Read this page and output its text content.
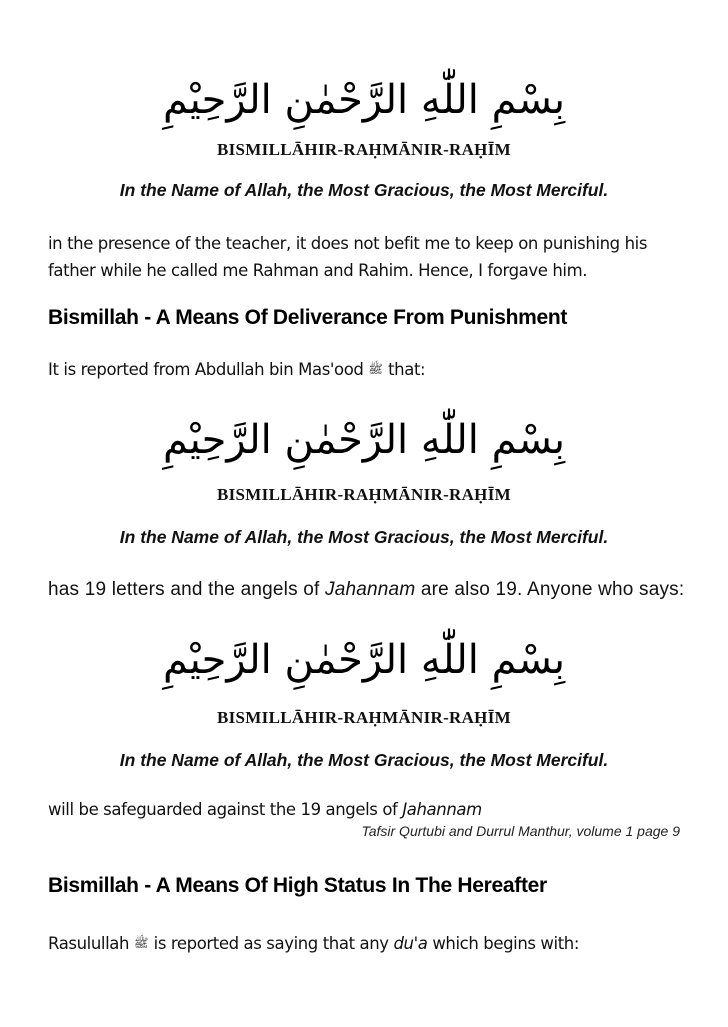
بِسْمِ اللّٰهِ الرَّحْمٰنِ الرَّحِيْمِ
BISMILLĀHIR-RAḤMĀNIR-RAḤĪM
In the Name of Allah, the Most Gracious, the Most Merciful.
in the presence of the teacher, it does not befit me to keep on punishing his father while he called me Rahman and Rahim. Hence, I forgave him.
Bismillah - A Means Of Deliverance From Punishment
It is reported from Abdullah bin Mas'ood ﷺ that:
بِسْمِ اللّٰهِ الرَّحْمٰنِ الرَّحِيْمِ
BISMILLĀHIR-RAḤMĀNIR-RAḤĪM
In the Name of Allah, the Most Gracious, the Most Merciful.
has 19 letters and the angels of Jahannam are also 19. Anyone who says:
بِسْمِ اللّٰهِ الرَّحْمٰنِ الرَّحِيْمِ
BISMILLĀHIR-RAḤMĀNIR-RAḤĪM
In the Name of Allah, the Most Gracious, the Most Merciful.
will be safeguarded against the 19 angels of Jahannam
Tafsir Qurtubi and Durrul Manthur, volume 1 page 9
Bismillah - A Means Of High Status In The Hereafter
Rasulullah ﷺ is reported as saying that any du'a which begins with:
